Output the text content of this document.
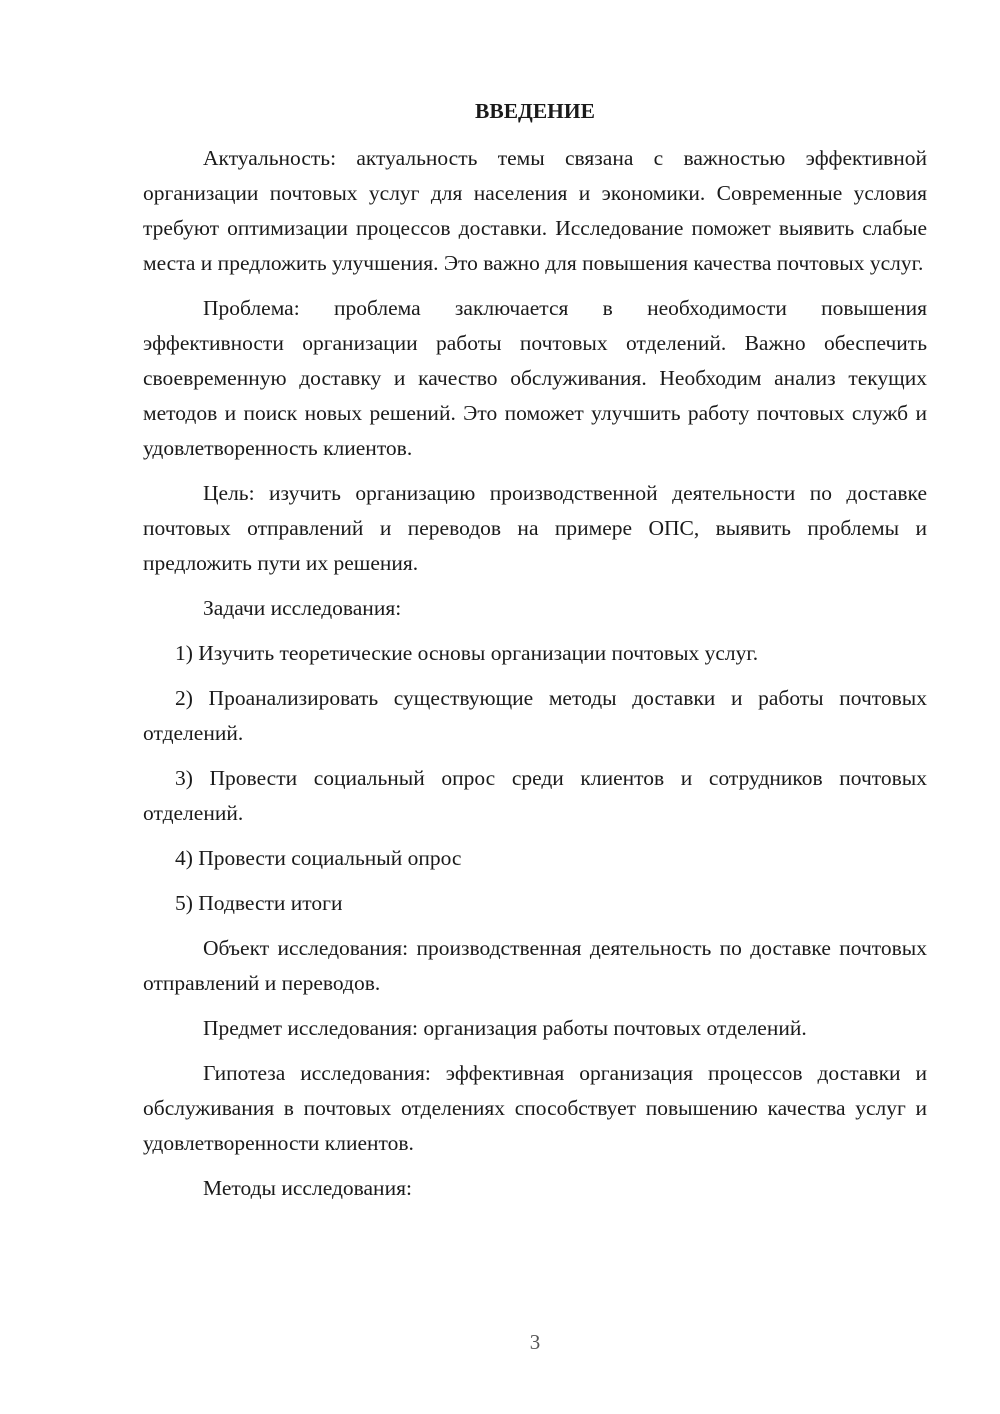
ВВЕДЕНИЕ

Актуальность: актуальность темы связана с важностью эффективной организации почтовых услуг для населения и экономики. Современные условия требуют оптимизации процессов доставки. Исследование поможет выявить слабые места и предложить улучшения. Это важно для повышения качества почтовых услуг.

Проблема: проблема заключается в необходимости повышения эффективности организации работы почтовых отделений. Важно обеспечить своевременную доставку и качество обслуживания. Необходим анализ текущих методов и поиск новых решений. Это поможет улучшить работу почтовых служб и удовлетворенность клиентов.

Цель: изучить организацию производственной деятельности по доставке почтовых отправлений и переводов на примере ОПС, выявить проблемы и предложить пути их решения.

Задачи исследования:

1) Изучить теоретические основы организации почтовых услуг.

2) Проанализировать существующие методы доставки и работы почтовых отделений.

3) Провести социальный опрос среди клиентов и сотрудников почтовых отделений.

4) Провести социальный опрос

5) Подвести итоги

Объект исследования: производственная деятельность по доставке почтовых отправлений и переводов.

Предмет исследования: организация работы почтовых отделений.

Гипотеза исследования: эффективная организация процессов доставки и обслуживания в почтовых отделениях способствует повышению качества услуг и удовлетворенности клиентов.

Методы исследования:

3
